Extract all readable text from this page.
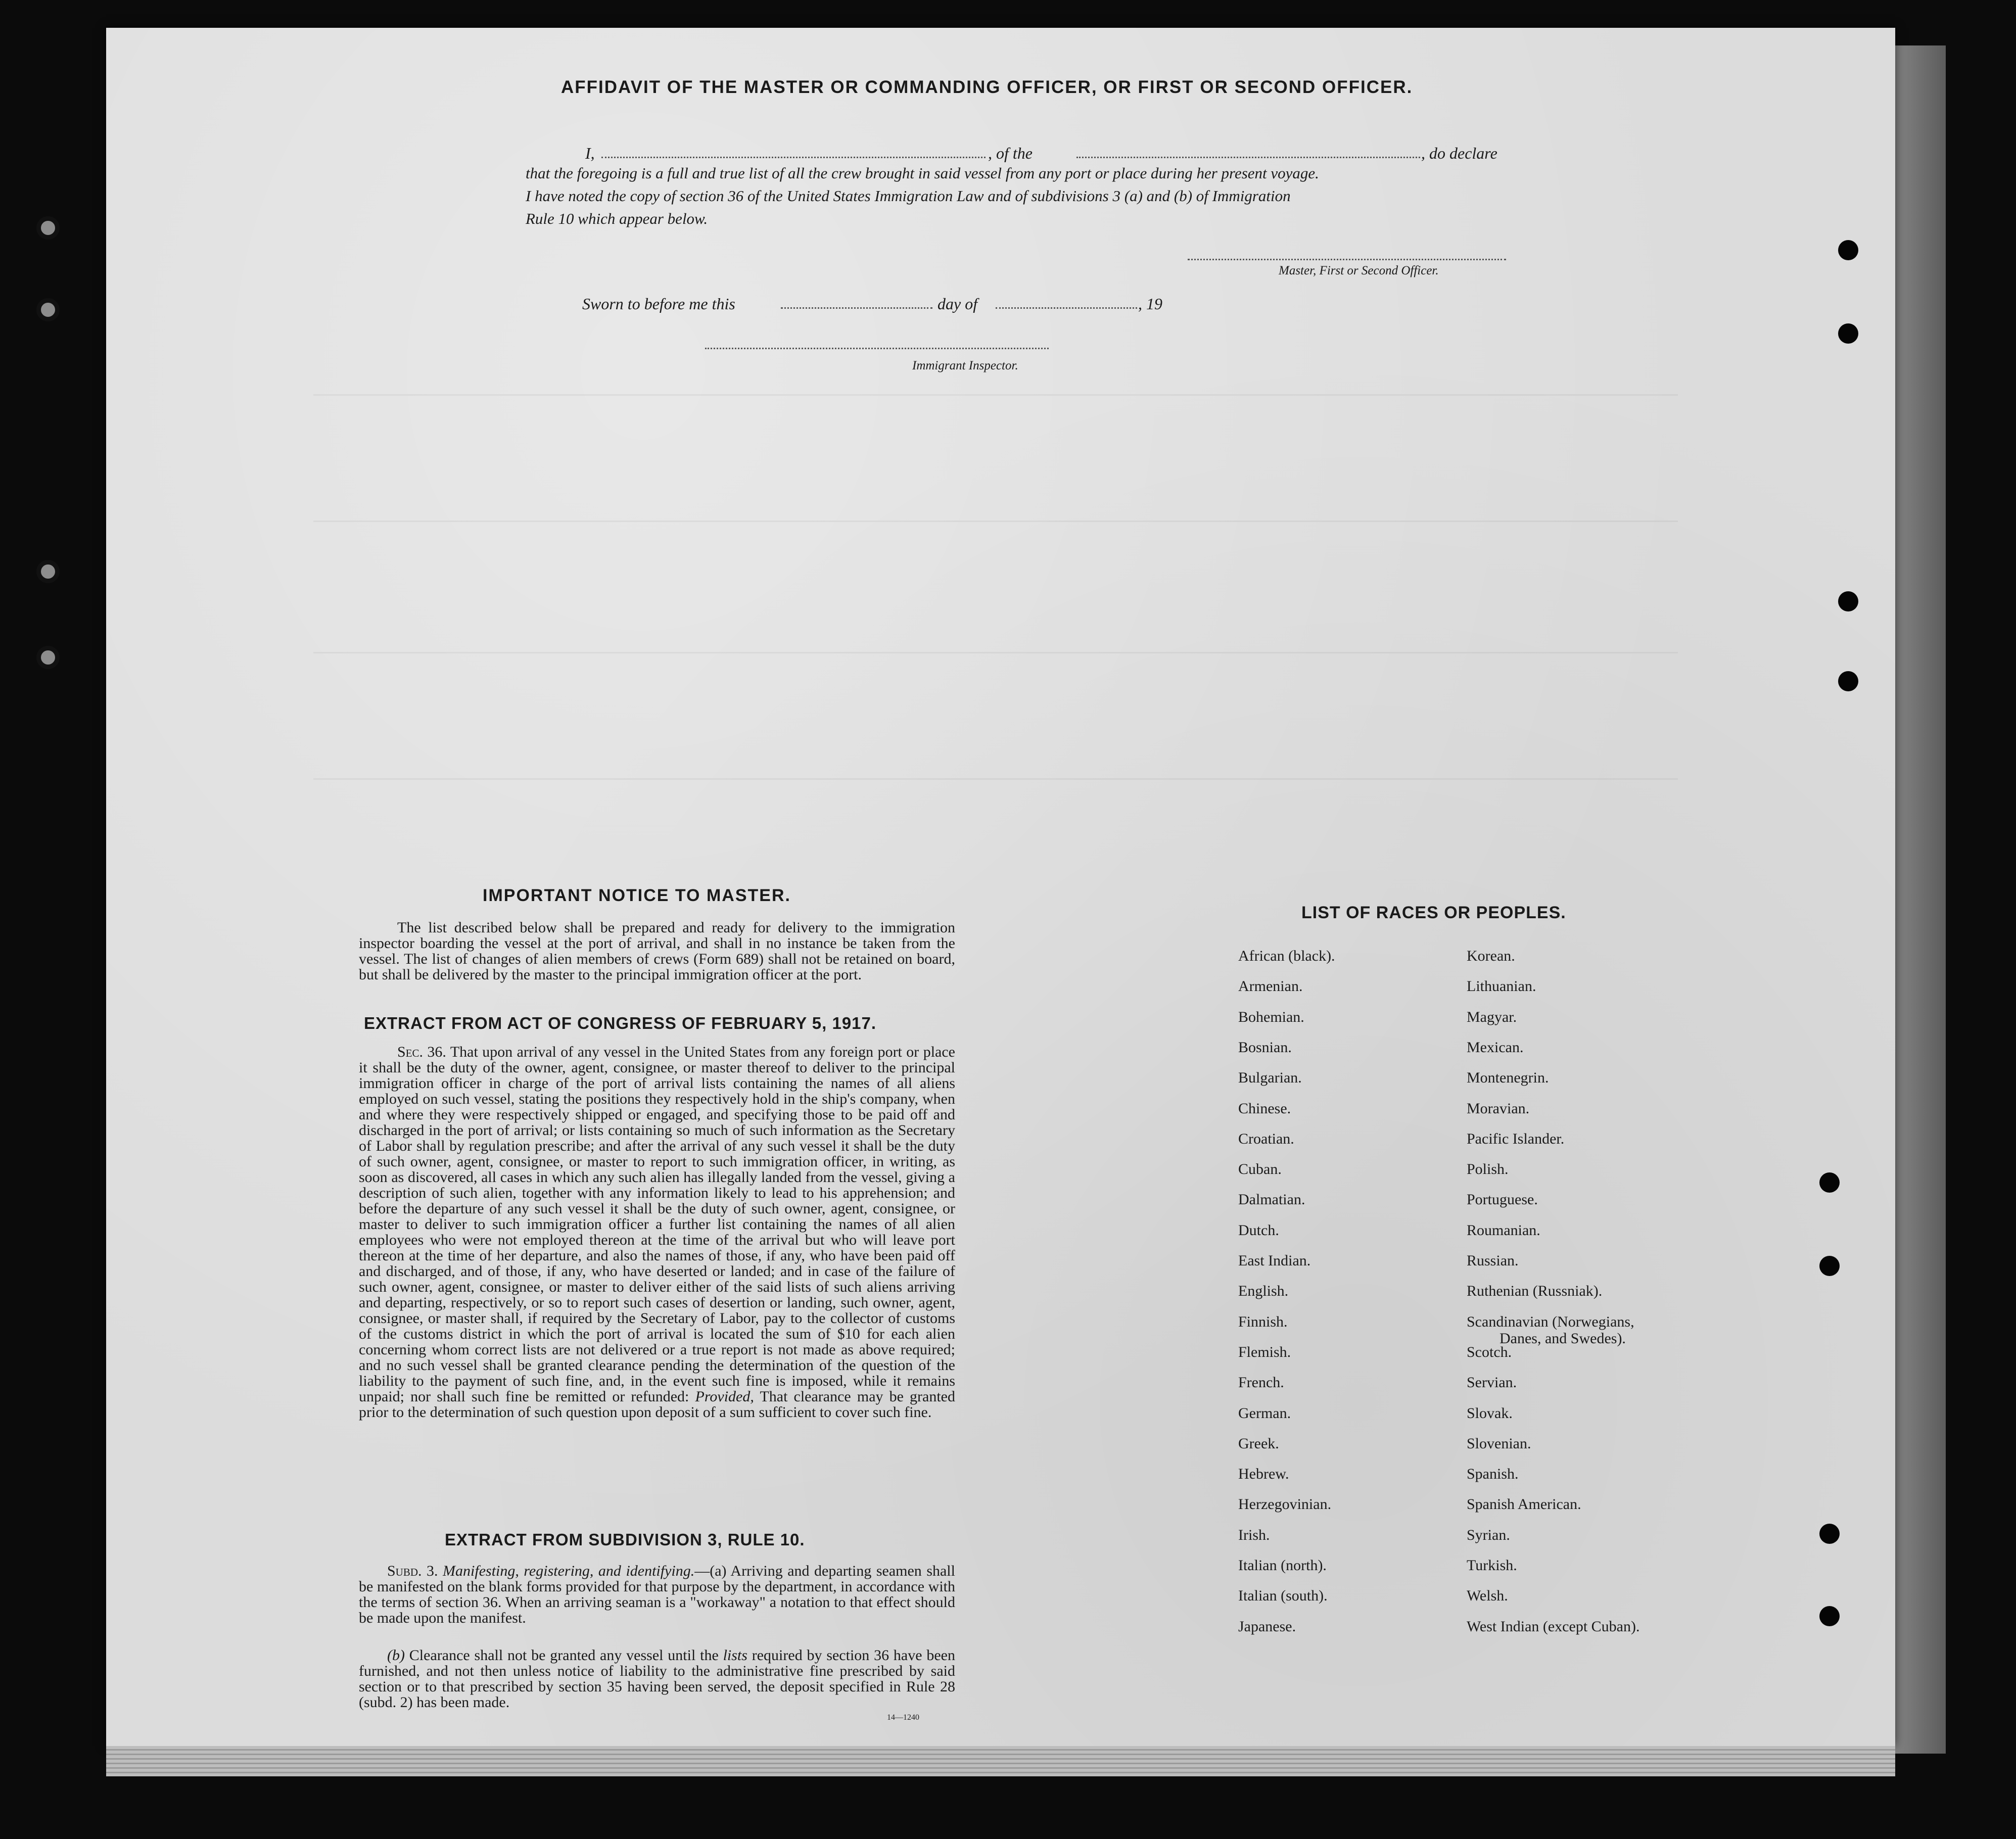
AFFIDAVIT OF THE MASTER OR COMMANDING OFFICER, OR FIRST OR SECOND OFFICER.
I,	, of the	, do declare
that the foregoing is a full and true list of all the crew brought in said vessel from any port or place during her present voyage.
I have noted the copy of section 36 of the United States Immigration Law and of subdivisions 3 (a) and (b) of Immigration
Rule 10 which appear below.
Master, First or Second Officer.
Sworn to before me this	day of	, 19
Immigrant Inspector.
IMPORTANT NOTICE TO MASTER.

The list described below shall be prepared and ready for delivery to the immigration inspector boarding the vessel at the port of arrival, and shall in no instance be taken from the vessel. The list of changes of alien members of crews (Form 689) shall not be retained on board, but shall be delivered by the master to the principal immigration officer at the port.

EXTRACT FROM ACT OF CONGRESS OF FEBRUARY 5, 1917.

Sec. 36. That upon arrival of any vessel in the United States from any foreign port or place it shall be the duty of the owner, agent, consignee, or master thereof to deliver to the principal immigration officer in charge of the port of arrival lists containing the names of all aliens employed on such vessel, stating the positions they respectively hold in the ship's company, when and where they were respectively shipped or engaged, and specifying those to be paid off and discharged in the port of arrival; or lists containing so much of such information as the Secretary of Labor shall by regulation prescribe; and after the arrival of any such vessel it shall be the duty of such owner, agent, consignee, or master to report to such immigration officer, in writing, as soon as discovered, all cases in which any such alien has illegally landed from the vessel, giving a description of such alien, together with any information likely to lead to his apprehension; and before the departure of any such vessel it shall be the duty of such owner, agent, consignee, or master to deliver to such immigration officer a further list containing the names of all alien employees who were not employed thereon at the time of the arrival but who will leave port thereon at the time of her departure, and also the names of those, if any, who have been paid off and discharged, and of those, if any, who have deserted or landed; and in case of the failure of such owner, agent, consignee, or master to deliver either of the said lists of such aliens arriving and departing, respectively, or so to report such cases of desertion or landing, such owner, agent, consignee, or master shall, if required by the Secretary of Labor, pay to the collector of customs of the customs district in which the port of arrival is located the sum of $10 for each alien concerning whom correct lists are not delivered or a true report is not made as above required; and no such vessel shall be granted clearance pending the determination of the question of the liability to the payment of such fine, and, in the event such fine is imposed, while it remains unpaid; nor shall such fine be remitted or refunded: Provided, That clearance may be granted prior to the determination of such question upon deposit of a sum sufficient to cover such fine.

EXTRACT FROM SUBDIVISION 3, RULE 10.

Subd. 3. Manifesting, registering, and identifying.—(a) Arriving and departing seamen shall be manifested on the blank forms provided for that purpose by the department, in accordance with the terms of section 36. When an arriving seaman is a "workaway" a notation to that effect should be made upon the manifest.

(b) Clearance shall not be granted any vessel until the lists required by section 36 have been furnished, and not then unless notice of liability to the administrative fine prescribed by said section or to that prescribed by section 35 having been served, the deposit specified in Rule 28 (subd. 2) has been made.

14—1240
LIST OF RACES OR PEOPLES.
African (black).
Armenian.
Bohemian.
Bosnian.
Bulgarian.
Chinese.
Croatian.
Cuban.
Dalmatian.
Dutch.
East Indian.
English.
Finnish.
Flemish.
French.
German.
Greek.
Hebrew.
Herzegovinian.
Irish.
Italian (north).
Italian (south).
Japanese.
Korean.
Lithuanian.
Magyar.
Mexican.
Montenegrin.
Moravian.
Pacific Islander.
Polish.
Portuguese.
Roumanian.
Russian.
Ruthenian (Russniak).
Scandinavian (Norwegians,
Danes, and Swedes).
Scotch.
Servian.
Slovak.
Slovenian.
Spanish.
Spanish American.
Syrian.
Turkish.
Welsh.
West Indian (except Cuban).
